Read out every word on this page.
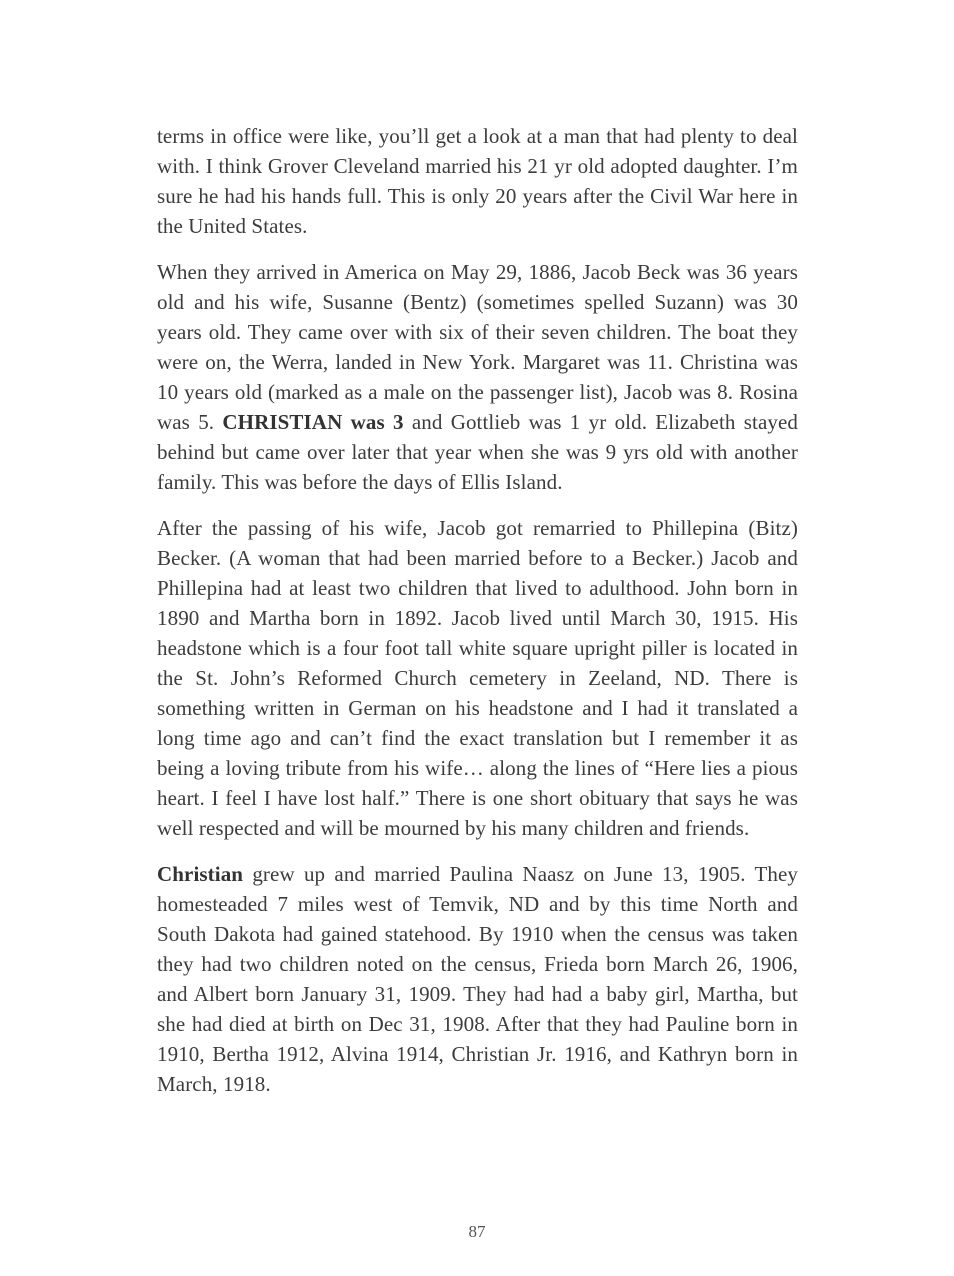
terms in office were like, you’ll get a look at a man that had plenty to deal with. I think Grover Cleveland married his 21 yr old adopted daughter. I’m sure he had his hands full. This is only 20 years after the Civil War here in the United States.

When they arrived in America on May 29, 1886, Jacob Beck was 36 years old and his wife, Susanne (Bentz) (sometimes spelled Suzann) was 30 years old. They came over with six of their seven children. The boat they were on, the Werra, landed in New York. Margaret was 11. Christina was 10 years old (marked as a male on the passenger list), Jacob was 8. Rosina was 5. CHRISTIAN was 3 and Gottlieb was 1 yr old. Elizabeth stayed behind but came over later that year when she was 9 yrs old with another family. This was before the days of Ellis Island.

After the passing of his wife, Jacob got remarried to Phillepina (Bitz) Becker. (A woman that had been married before to a Becker.) Jacob and Phillepina had at least two children that lived to adulthood. John born in 1890 and Martha born in 1892. Jacob lived until March 30, 1915. His headstone which is a four foot tall white square upright piller is located in the St. John’s Reformed Church cemetery in Zeeland, ND. There is something written in German on his headstone and I had it translated a long time ago and can’t find the exact translation but I remember it as being a loving tribute from his wife… along the lines of “Here lies a pious heart. I feel I have lost half.” There is one short obituary that says he was well respected and will be mourned by his many children and friends.

Christian grew up and married Paulina Naasz on June 13, 1905. They homesteaded 7 miles west of Temvik, ND and by this time North and South Dakota had gained statehood. By 1910 when the census was taken they had two children noted on the census, Frieda born March 26, 1906, and Albert born January 31, 1909. They had had a baby girl, Martha, but she had died at birth on Dec 31, 1908. After that they had Pauline born in 1910, Bertha 1912, Alvina 1914, Christian Jr. 1916, and Kathryn born in March, 1918.

87
